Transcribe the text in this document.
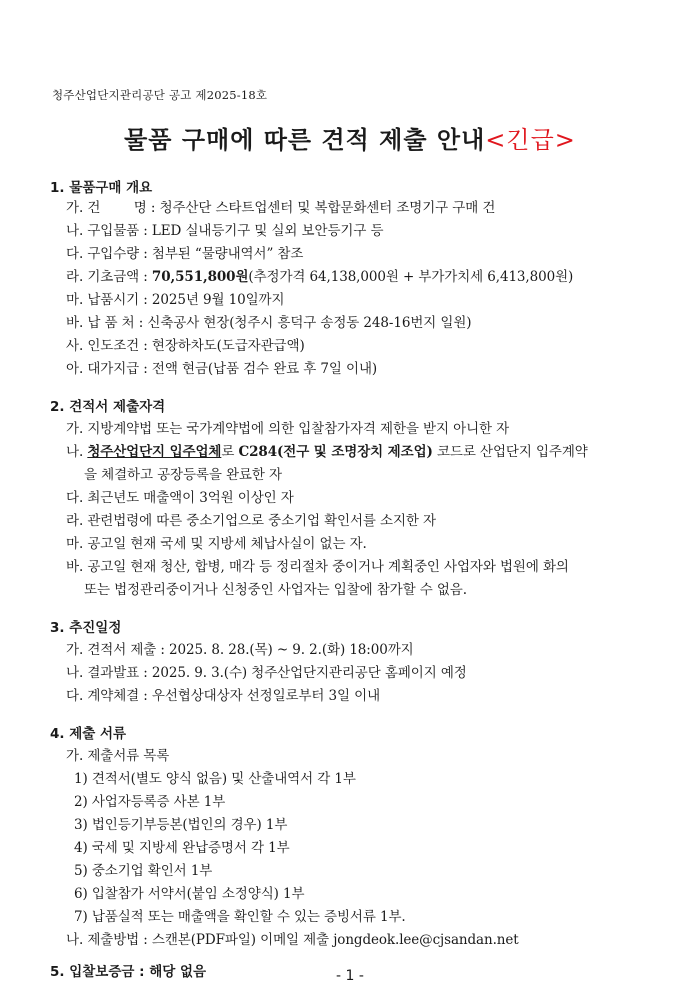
청주산업단지관리공단 공고 제2025-18호
물품 구매에 따른 견적 제출 안내<긴급>
1. 물품구매 개요
가. 건        명 : 청주산단 스타트업센터 및 복합문화센터 조명기구 구매 건
나. 구입물품 : LED 실내등기구 및 실외 보안등기구 등
다. 구입수량 : 첨부된 “물량내역서” 참조
라. 기초금액 : 70,551,800원(추정가격 64,138,000원 + 부가가치세 6,413,800원)
마. 납품시기 : 2025년 9월 10일까지
바. 납 품 처 : 신축공사 현장(청주시 흥덕구 송정동 248-16번지 일원)
사. 인도조건 : 현장하차도(도급자관급액)
아. 대가지급 : 전액 현금(납품 검수 완료 후 7일 이내)
2. 견적서 제출자격
가. 지방계약법 또는 국가계약법에 의한 입찰참가자격 제한을 받지 아니한 자
나. 청주산업단지 입주업체로 C284(전구 및 조명장치 제조업) 코드로 산업단지 입주계약
을 체결하고 공장등록을 완료한 자
다. 최근년도 매출액이 3억원 이상인 자
라. 관련법령에 따른 중소기업으로 중소기업 확인서를 소지한 자
마. 공고일 현재 국세 및 지방세 체납사실이 없는 자.
바. 공고일 현재 청산, 합병, 매각 등 정리절차 중이거나 계획중인 사업자와 법원에 화의
또는 법정관리중이거나 신청중인 사업자는 입찰에 참가할 수 없음.
3. 추진일정
가. 견적서 제출 : 2025. 8. 28.(목) ~ 9. 2.(화) 18:00까지
나. 결과발표 : 2025. 9. 3.(수) 청주산업단지관리공단 홈페이지 예정
다. 계약체결 : 우선협상대상자 선정일로부터 3일 이내
4. 제출 서류
가. 제출서류 목록
1) 견적서(별도 양식 없음) 및 산출내역서 각 1부
2) 사업자등록증 사본 1부
3) 법인등기부등본(법인의 경우) 1부
4) 국세 및 지방세 완납증명서 각 1부
5) 중소기업 확인서 1부
6) 입찰참가 서약서(붙임 소정양식) 1부
7) 납품실적 또는 매출액을 확인할 수 있는 증빙서류 1부.
나. 제출방법 : 스캔본(PDF파일) 이메일 제출 jongdeok.lee@cjsandan.net
5. 입찰보증금 : 해당 없음	- 1 -
